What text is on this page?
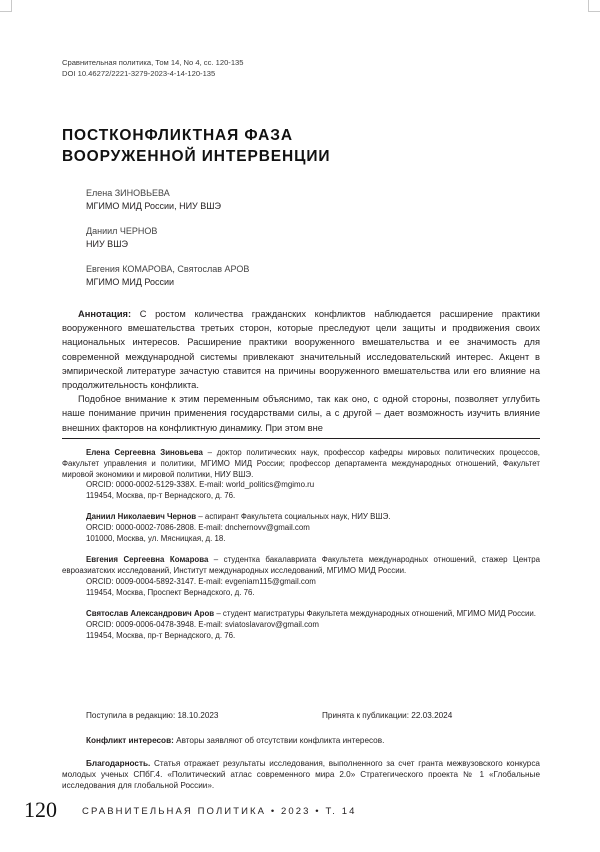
Сравнительная политика, Том 14, No 4, сс. 120-135
DOI 10.46272/2221-3279-2023-4-14-120-135
ПОСТКОНФЛИКТНАЯ ФАЗА
ВООРУЖЕННОЙ ИНТЕРВЕНЦИИ
Елена ЗИНОВЬЕВА
МГИМО МИД России, НИУ ВШЭ
Даниил ЧЕРНОВ
НИУ ВШЭ
Евгения КОМАРОВА, Святослав АРОВ
МГИМО МИД России

Аннотация: С ростом количества гражданских конфликтов наблюдается расширение практики вооруженного вмешательства третьих сторон, которые преследуют цели защиты и продвижения своих национальных интересов. Расширение практики вооруженного вмешательства и ее значимость для современной международной системы привлекают значительный исследовательский интерес. Акцент в эмпирической литературе зачастую ставится на причины вооруженного вмешательства или его влияние на продолжительность конфликта.

Подобное внимание к этим переменным объяснимо, так как оно, с одной стороны, позволяет углубить наше понимание причин применения государствами силы, а с другой – дает возможность изучить влияние внешних факторов на конфликтную динамику. При этом вне

Елена Сергеевна Зиновьева – доктор политических наук, профессор кафедры мировых политических процессов, Факультет управления и политики, МГИМО МИД России; профессор департамента международных отношений, Факультет мировой экономики и мировой политики, НИУ ВШЭ.
ORCID: 0000-0002-5129-338X. E-mail: world_politics@mgimo.ru
119454, Москва, пр-т Вернадского, д. 76.
Даниил Николаевич Чернов – аспирант Факультета социальных наук, НИУ ВШЭ.
ORCID: 0000-0002-7086-2808. E-mail: dnchernovv@gmail.com
101000, Москва, ул. Мясницкая, д. 18.
Евгения Сергеевна Комарова – студентка бакалавриата Факультета международных отношений, стажер Центра евроазиатских исследований, Институт международных исследований, МГИМО МИД России.
ORCID: 0009-0004-5892-3147. E-mail: evgeniam115@gmail.com
119454, Москва, Проспект Вернадского, д. 76.
Святослав Александрович Аров – студент магистратуры Факультета международных отношений, МГИМО МИД России.
ORCID: 0009-0006-0478-3948. E-mail: sviatoslavarov@gmail.com
119454, Москва, пр-т Вернадского, д. 76.
Поступила в редакцию: 18.10.2023	Принята к публикации: 22.03.2024
Конфликт интересов: Авторы заявляют об отсутствии конфликта интересов.
Благодарность. Статья отражает результаты исследования, выполненного за счет гранта межвузовского конкурса молодых ученых СПбГ.4. «Политический атлас современного мира 2.0» Стратегического проекта № 1 «Глобальные исследования для глобальной России».
120	СРАВНИТЕЛЬНАЯ ПОЛИТИКА • 2023 • Т. 14
